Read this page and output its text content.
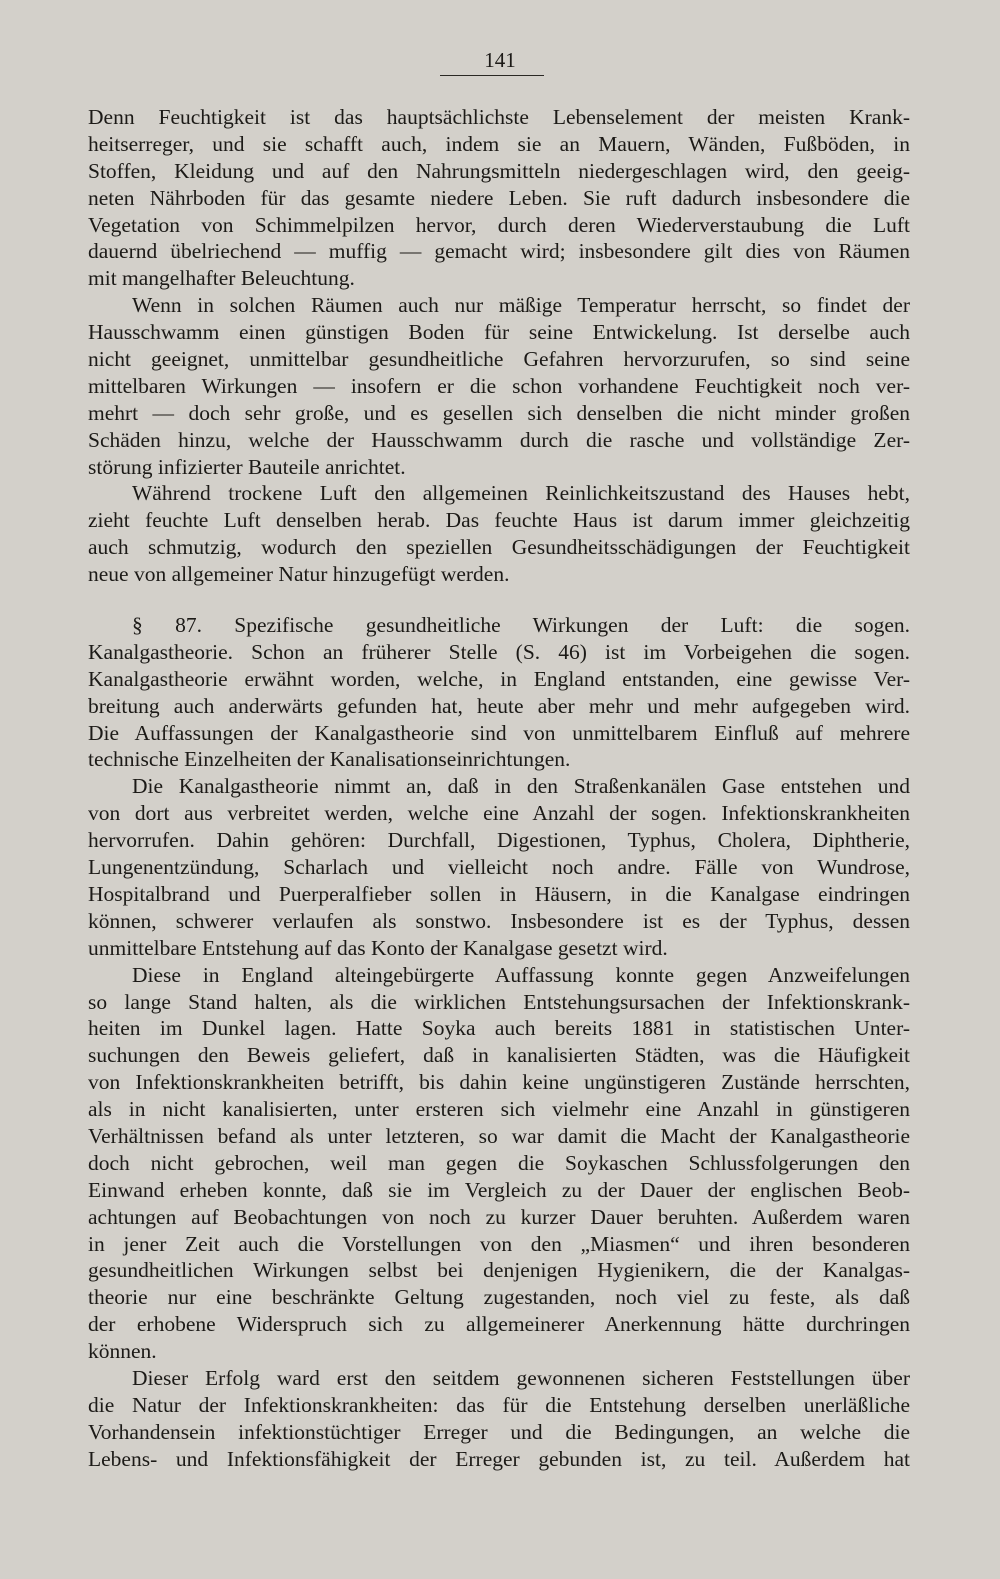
141
Denn Feuchtigkeit ist das hauptsächlichste Lebenselement der meisten Krank-
heitserreger, und sie schafft auch, indem sie an Mauern, Wänden, Fußböden, in
Stoffen, Kleidung und auf den Nahrungsmitteln niedergeschlagen wird, den geeig-
neten Nährboden für das gesamte niedere Leben. Sie ruft dadurch insbesondere die
Vegetation von Schimmelpilzen hervor, durch deren Wiederverstaubung die Luft
dauernd übelriechend — muffig — gemacht wird; insbesondere gilt dies von Räumen
mit mangelhafter Beleuchtung.
Wenn in solchen Räumen auch nur mäßige Temperatur herrscht, so findet der
Hausschwamm einen günstigen Boden für seine Entwickelung. Ist derselbe auch
nicht geeignet, unmittelbar gesundheitliche Gefahren hervorzurufen, so sind seine
mittelbaren Wirkungen — insofern er die schon vorhandene Feuchtigkeit noch ver-
mehrt — doch sehr große, und es gesellen sich denselben die nicht minder großen
Schäden hinzu, welche der Hausschwamm durch die rasche und vollständige Zer-
störung infizierter Bauteile anrichtet.
Während trockene Luft den allgemeinen Reinlichkeitszustand des Hauses hebt,
zieht feuchte Luft denselben herab. Das feuchte Haus ist darum immer gleichzeitig
auch schmutzig, wodurch den speziellen Gesundheitsschädigungen der Feuchtigkeit
neue von allgemeiner Natur hinzugefügt werden.
§ 87. Spezifische gesundheitliche Wirkungen der Luft: die sogen.
Kanalgastheorie. Schon an früherer Stelle (S. 46) ist im Vorbeigehen die sogen.
Kanalgastheorie erwähnt worden, welche, in England entstanden, eine gewisse Ver-
breitung auch anderwärts gefunden hat, heute aber mehr und mehr aufgegeben wird.
Die Auffassungen der Kanalgastheorie sind von unmittelbarem Einfluß auf mehrere
technische Einzelheiten der Kanalisationseinrichtungen.
Die Kanalgastheorie nimmt an, daß in den Straßenkanälen Gase entstehen und
von dort aus verbreitet werden, welche eine Anzahl der sogen. Infektionskrankheiten
hervorrufen. Dahin gehören: Durchfall, Digestionen, Typhus, Cholera, Diphtherie,
Lungenentzündung, Scharlach und vielleicht noch andre. Fälle von Wundrose,
Hospitalbrand und Puerperalfieber sollen in Häusern, in die Kanalgase eindringen
können, schwerer verlaufen als sonstwo. Insbesondere ist es der Typhus, dessen
unmittelbare Entstehung auf das Konto der Kanalgase gesetzt wird.
Diese in England alteingebürgerte Auffassung konnte gegen Anzweifelungen
so lange Stand halten, als die wirklichen Entstehungsursachen der Infektionskrank-
heiten im Dunkel lagen. Hatte Soyka auch bereits 1881 in statistischen Unter-
suchungen den Beweis geliefert, daß in kanalisierten Städten, was die Häufigkeit
von Infektionskrankheiten betrifft, bis dahin keine ungünstigeren Zustände herrschten,
als in nicht kanalisierten, unter ersteren sich vielmehr eine Anzahl in günstigeren
Verhältnissen befand als unter letzteren, so war damit die Macht der Kanalgastheorie
doch nicht gebrochen, weil man gegen die Soykaschen Schlussfolgerungen den
Einwand erheben konnte, daß sie im Vergleich zu der Dauer der englischen Beob-
achtungen auf Beobachtungen von noch zu kurzer Dauer beruhten. Außerdem waren
in jener Zeit auch die Vorstellungen von den „Miasmen“ und ihren besonderen
gesundheitlichen Wirkungen selbst bei denjenigen Hygienikern, die der Kanalgas-
theorie nur eine beschränkte Geltung zugestanden, noch viel zu feste, als daß
der erhobene Widerspruch sich zu allgemeinerer Anerkennung hätte durchringen
können.
Dieser Erfolg ward erst den seitdem gewonnenen sicheren Feststellungen über
die Natur der Infektionskrankheiten: das für die Entstehung derselben unerläßliche
Vorhandensein infektionstüchtiger Erreger und die Bedingungen, an welche die
Lebens- und Infektionsfähigkeit der Erreger gebunden ist, zu teil. Außerdem hat
